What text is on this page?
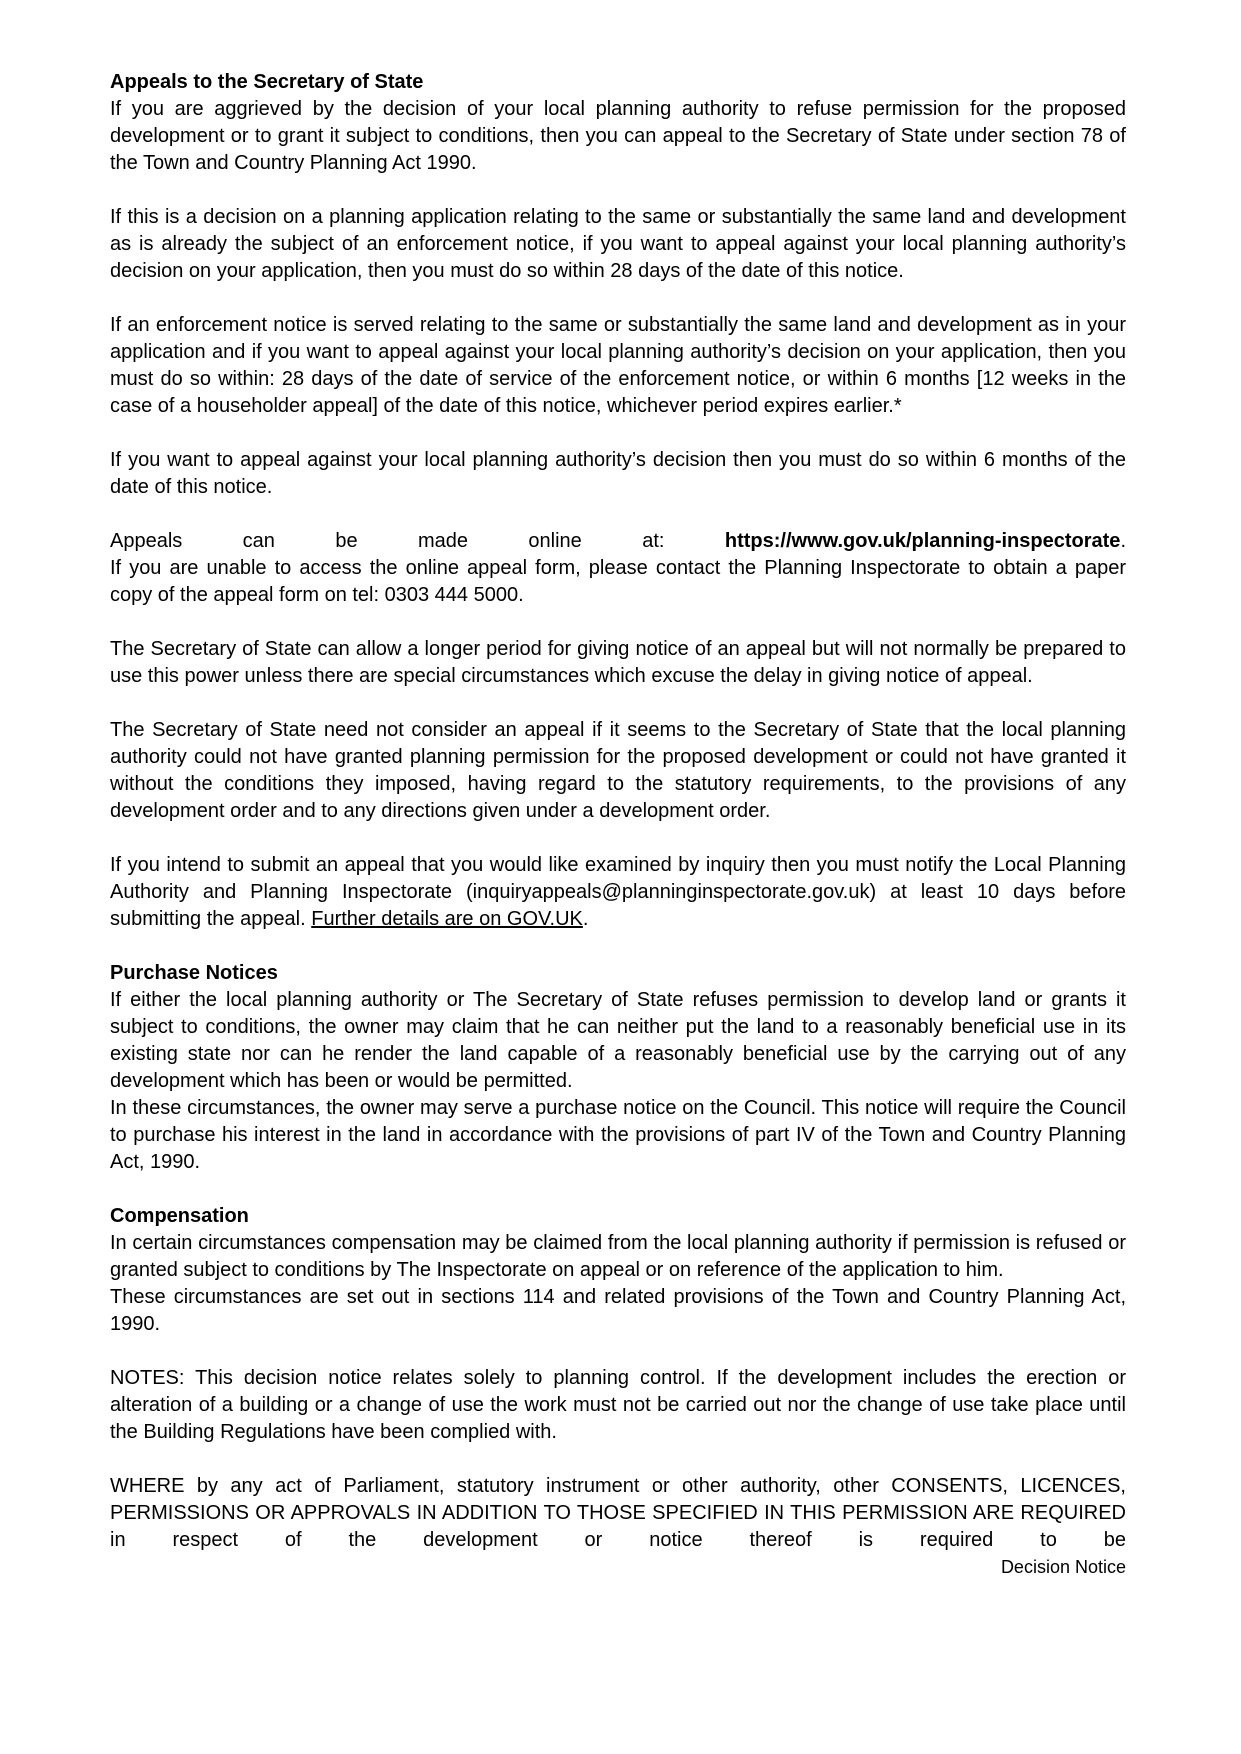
Appeals to the Secretary of State

If you are aggrieved by the decision of your local planning authority to refuse permission for the proposed development or to grant it subject to conditions, then you can appeal to the Secretary of State under section 78 of the Town and Country Planning Act 1990.

If this is a decision on a planning application relating to the same or substantially the same land and development as is already the subject of an enforcement notice, if you want to appeal against your local planning authority’s decision on your application, then you must do so within 28 days of the date of this notice.

If an enforcement notice is served relating to the same or substantially the same land and development as in your application and if you want to appeal against your local planning authority’s decision on your application, then you must do so within: 28 days of the date of service of the enforcement notice, or within 6 months [12 weeks in the case of a householder appeal] of the date of this notice, whichever period expires earlier.*

If you want to appeal against your local planning authority’s decision then you must do so within 6 months of the date of this notice.

Appeals can be made online at:	https://www.gov.uk/planning-inspectorate.
If you are unable to access the online appeal form, please contact the Planning Inspectorate to obtain a paper copy of the appeal form on tel: 0303 444 5000.

The Secretary of State can allow a longer period for giving notice of an appeal but will not normally be prepared to use this power unless there are special circumstances which excuse the delay in giving notice of appeal.

The Secretary of State need not consider an appeal if it seems to the Secretary of State that the local planning authority could not have granted planning permission for the proposed development or could not have granted it without the conditions they imposed, having regard to the statutory requirements, to the provisions of any development order and to any directions given under a development order.

If you intend to submit an appeal that you would like examined by inquiry then you must notify the Local Planning Authority and Planning Inspectorate (inquiryappeals@planninginspectorate.gov.uk) at least 10 days before submitting the appeal. Further details are on GOV.UK.

Purchase Notices

If either the local planning authority or The Secretary of State refuses permission to develop land or grants it subject to conditions, the owner may claim that he can neither put the land to a reasonably beneficial use in its existing state nor can he render the land capable of a reasonably beneficial use by the carrying out of any development which has been or would be permitted.

In these circumstances, the owner may serve a purchase notice on the Council. This notice will require the Council to purchase his interest in the land in accordance with the provisions of part IV of the Town and Country Planning Act, 1990.

Compensation

In certain circumstances compensation may be claimed from the local planning authority if permission is refused or granted subject to conditions by The Inspectorate on appeal or on reference of the application to him.

These circumstances are set out in sections 114 and related provisions of the Town and Country Planning Act, 1990.

NOTES: This decision notice relates solely to planning control. If the development includes the erection or alteration of a building or a change of use the work must not be carried out nor the change of use take place until the Building Regulations have been complied with.

WHERE by any act of Parliament, statutory instrument or other authority, other CONSENTS, LICENCES, PERMISSIONS OR APPROVALS IN ADDITION TO THOSE SPECIFIED IN THIS PERMISSION ARE REQUIRED in respect of the development or notice thereof is required to be

Decision Notice
